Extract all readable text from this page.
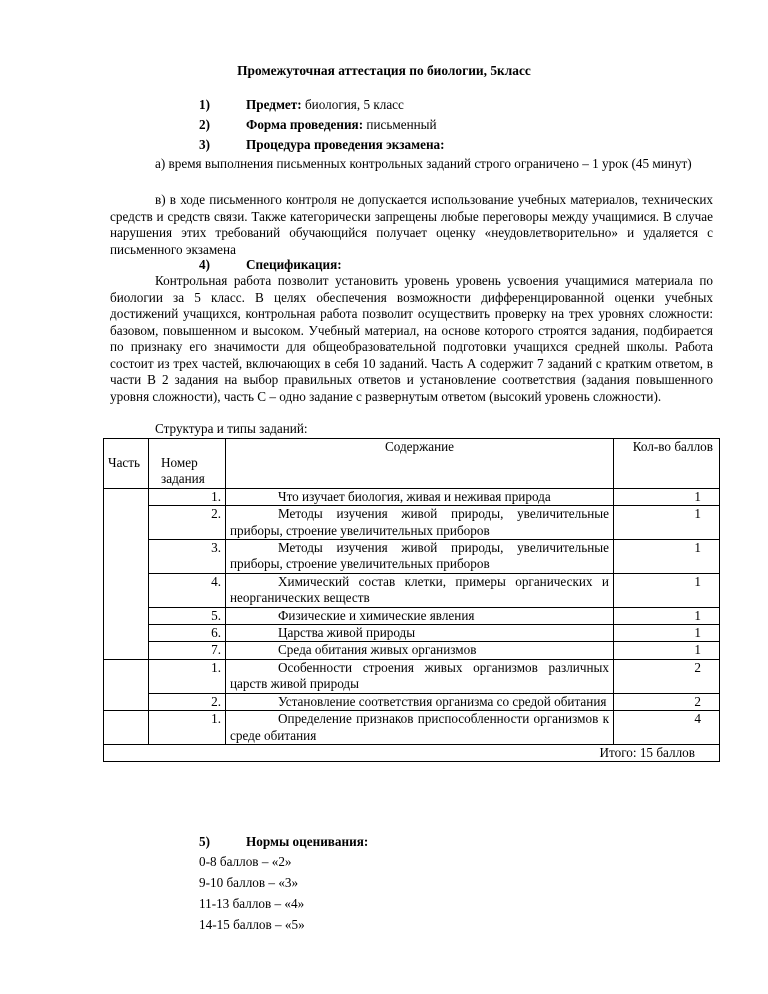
Промежуточная аттестация по биологии, 5класс
1)	Предмет: биология, 5 класс
2)	Форма проведения: письменный
3)	Процедура проведения экзамена:

а) время выполнения письменных контрольных заданий строго ограничено – 1 урок (45 минут)

в) в ходе письменного контроля не допускается использование учебных материалов, технических средств и средств связи. Также категорически запрещены любые переговоры между учащимися. В случае нарушения этих требований обучающийся получает оценку «неудовлетворительно» и удаляется с письменного экзамена

4)	Спецификация:

Контрольная работа позволит установить уровень уровень усвоения учащимися материала по биологии за 5 класс. В целях обеспечения возможности дифференцированной оценки учебных достижений учащихся, контрольная работа позволит осуществить проверку на трех уровнях сложности: базовом, повышенном и высоком. Учебный материал, на основе которого строятся задания, подбирается по признаку его значимости для общеобразовательной подготовки учащихся средней школы. Работа состоит из трех частей, включающих в себя 10 заданий. Часть А содержит 7 заданий с кратким ответом, в части В 2 задания на выбор правильных ответов и установление соответствия (задания повышенного уровня сложности), часть С – одно задание с развернутым ответом (высокий уровень сложности).

Структура и типы заданий:
Часть	Номер задания	Содержание	Кол-во баллов
	1.	Что изучает биология, живая и неживая природа	1
	2.	Методы изучения живой природы, увеличительные приборы, строение увеличительных приборов	1
	3.	Методы изучения живой природы, увеличительные приборы, строение увеличительных приборов	1
	4.	Химический состав клетки, примеры органических и неорганических веществ	1
	5.	Физические и химические явления	1
	6.	Царства живой природы	1
	7.	Среда обитания живых организмов	1
	1.	Особенности строения живых организмов различных царств живой природы	2
	2.	Установление соответствия организма со средой обитания	2
	1.	Определение признаков приспособленности организмов к среде обитания	4
Итого: 15 баллов			
5)	Нормы оценивания:
0-8 баллов – «2»
9-10 баллов – «3»
11-13 баллов – «4»
14-15 баллов – «5»
